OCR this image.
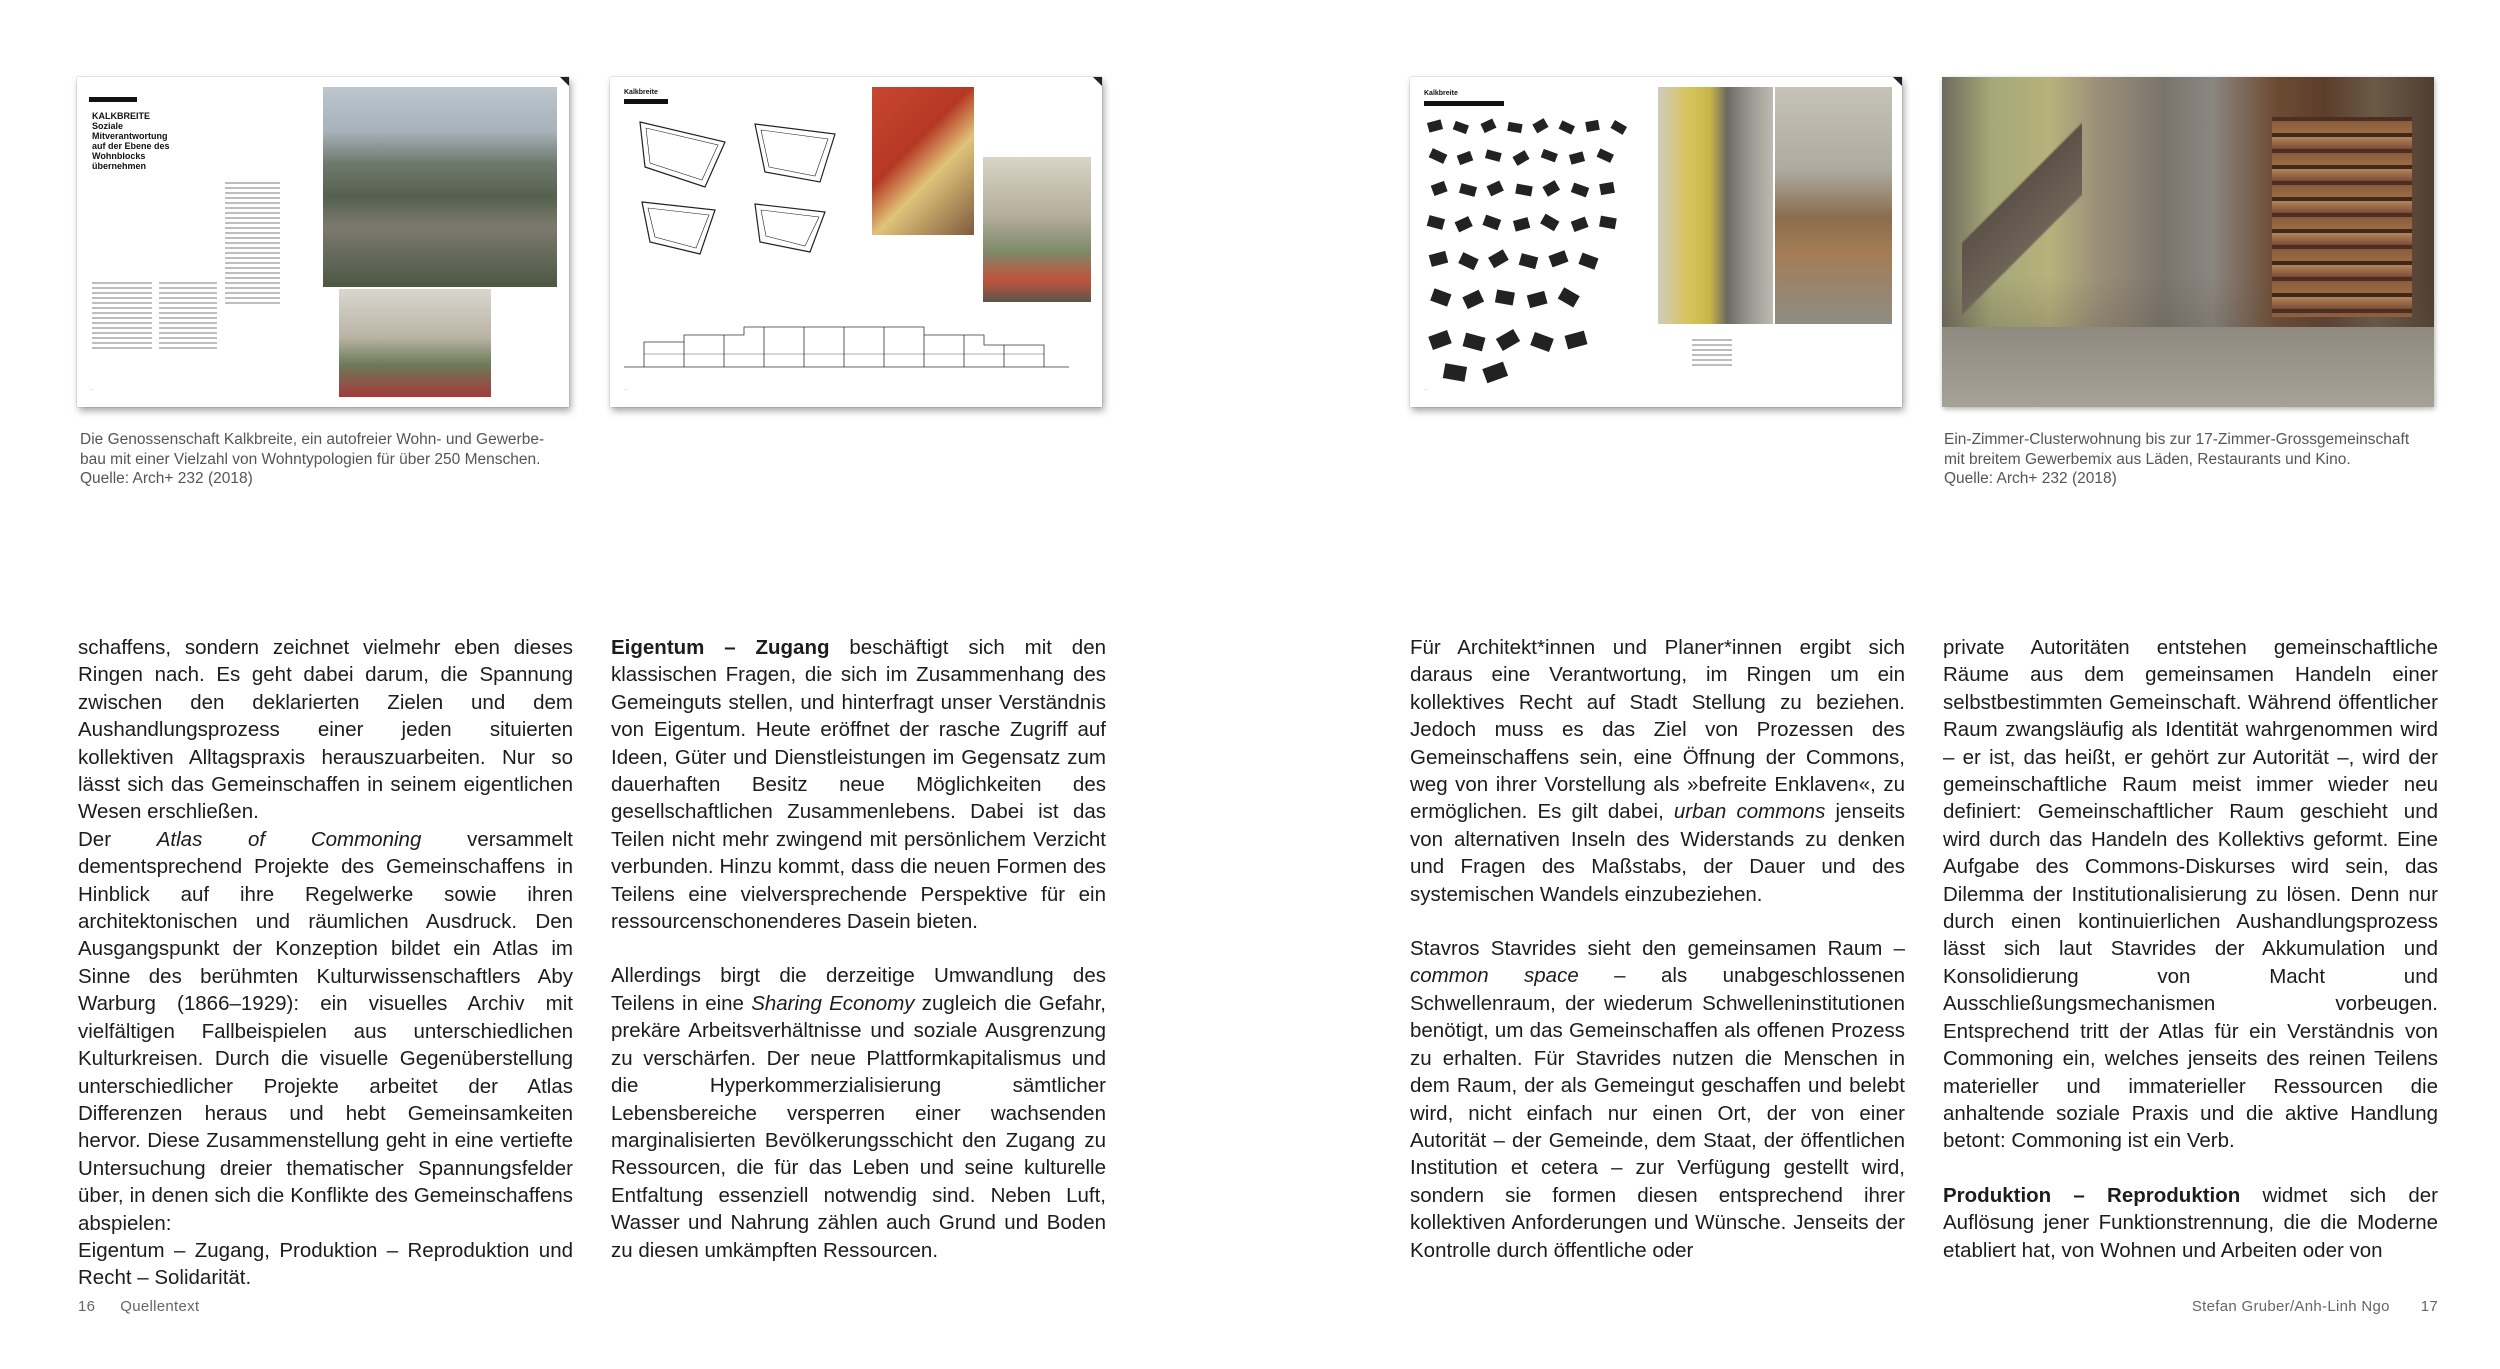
KALKBREITE
Soziale
Mitverantwortung
auf der Ebene des
Wohnblocks
übernehmen
··
Kalkbreite
··
Die Genossenschaft Kalkbreite, ein autofreier Wohn- und Gewerbe-
bau mit einer Vielzahl von Wohntypologien für über 250 Menschen.
Quelle: Arch+ 232 (2018)

schaffens, sondern zeichnet vielmehr eben dieses Ringen nach. Es geht dabei darum, die Spannung zwischen den deklarierten Zielen und dem Aushandlungsprozess einer jeden situierten kollektiven Alltagspraxis herauszuarbeiten. Nur so lässt sich das Gemeinschaffen in seinem eigentlichen Wesen erschließen.

Der Atlas of Commoning versammelt dementsprechend Projekte des Gemeinschaffens in Hinblick auf ihre Regelwerke sowie ihren architektonischen und räumlichen Ausdruck. Den Ausgangspunkt der Konzeption bildet ein Atlas im Sinne des berühmten Kulturwissenschaftlers Aby Warburg (1866–1929): ein visuelles Archiv mit vielfältigen Fallbeispielen aus unterschiedlichen Kulturkreisen. Durch die visuelle Gegenüberstellung unterschiedlicher Projekte arbeitet der Atlas Differenzen heraus und hebt Gemeinsamkeiten hervor. Diese Zusammenstellung geht in eine vertiefte Untersuchung dreier thematischer Spannungsfelder über, in denen sich die Konflikte des Gemeinschaffens abspielen:

Eigentum – Zugang, Produktion – Reproduktion und Recht – Solidarität.

Eigentum – Zugang beschäftigt sich mit den klassischen Fragen, die sich im Zusammenhang des Gemeinguts stellen, und hinterfragt unser Verständnis von Eigentum. Heute eröffnet der rasche Zugriff auf Ideen, Güter und Dienstleistungen im Gegensatz zum dauerhaften Besitz neue Möglichkeiten des gesellschaftlichen Zusammenlebens. Dabei ist das Teilen nicht mehr zwingend mit persönlichem Verzicht verbunden. Hinzu kommt, dass die neuen Formen des Teilens eine vielversprechende Perspektive für ein ressourcenschonenderes Dasein bieten.

Allerdings birgt die derzeitige Umwandlung des Teilens in eine Sharing Economy zugleich die Gefahr, prekäre Arbeitsverhältnisse und soziale Ausgrenzung zu verschärfen. Der neue Plattformkapitalismus und die Hyperkommerzialisierung sämtlicher Lebensbereiche versperren einer wachsenden marginalisierten Bevölkerungsschicht den Zugang zu Ressourcen, die für das Leben und seine kulturelle Entfaltung essenziell notwendig sind. Neben Luft, Wasser und Nahrung zählen auch Grund und Boden zu diesen umkämpften Ressourcen.

16 Quellentext
Kalkbreite
··
Ein-Zimmer-Clusterwohnung bis zur 17-Zimmer-Grossgemeinschaft
mit breitem Gewerbemix aus Läden, Restaurants und Kino.
Quelle: Arch+ 232 (2018)

Für Architekt*innen und Planer*innen ergibt sich daraus eine Verantwortung, im Ringen um ein kollektives Recht auf Stadt Stellung zu beziehen. Jedoch muss es das Ziel von Prozessen des Gemeinschaffens sein, eine Öffnung der Commons, weg von ihrer Vorstellung als »befreite Enklaven«, zu ermöglichen. Es gilt dabei, urban commons jenseits von alternativen Inseln des Widerstands zu denken und Fragen des Maßstabs, der Dauer und des systemischen Wandels einzubeziehen.

Stavros Stavrides sieht den gemeinsamen Raum – common space – als unabgeschlossenen Schwellenraum, der wiederum Schwelleninstitutionen benötigt, um das Gemeinschaffen als offenen Prozess zu erhalten. Für Stavrides nutzen die Menschen in dem Raum, der als Gemeingut geschaffen und belebt wird, nicht einfach nur einen Ort, der von einer Autorität – der Gemeinde, dem Staat, der öffentlichen Institution et cetera – zur Verfügung gestellt wird, sondern sie formen diesen entsprechend ihrer kollektiven Anforderungen und Wünsche. Jenseits der Kontrolle durch öffentliche oder

private Autoritäten entstehen gemeinschaftliche Räume aus dem gemeinsamen Handeln einer selbstbestimmten Gemeinschaft. Während öffentlicher Raum zwangsläufig als Identität wahrgenommen wird – er ist, das heißt, er gehört zur Autorität –, wird der gemeinschaftliche Raum meist immer wieder neu definiert: Gemeinschaftlicher Raum geschieht und wird durch das Handeln des Kollektivs geformt. Eine Aufgabe des Commons-Diskurses wird sein, das Dilemma der Institutionalisierung zu lösen. Denn nur durch einen kontinuierlichen Aushandlungsprozess lässt sich laut Stavrides der Akkumulation und Konsolidierung von Macht und Ausschließungsmechanismen vorbeugen. Entsprechend tritt der Atlas für ein Verständnis von Commoning ein, welches jenseits des reinen Teilens materieller und immaterieller Ressourcen die anhaltende soziale Praxis und die aktive Handlung betont: Commoning ist ein Verb.

Produktion – Reproduktion widmet sich der Auflösung jener Funktionstrennung, die die Moderne etabliert hat, von Wohnen und Arbeiten oder von

Stefan Gruber/Anh-Linh Ngo 17
